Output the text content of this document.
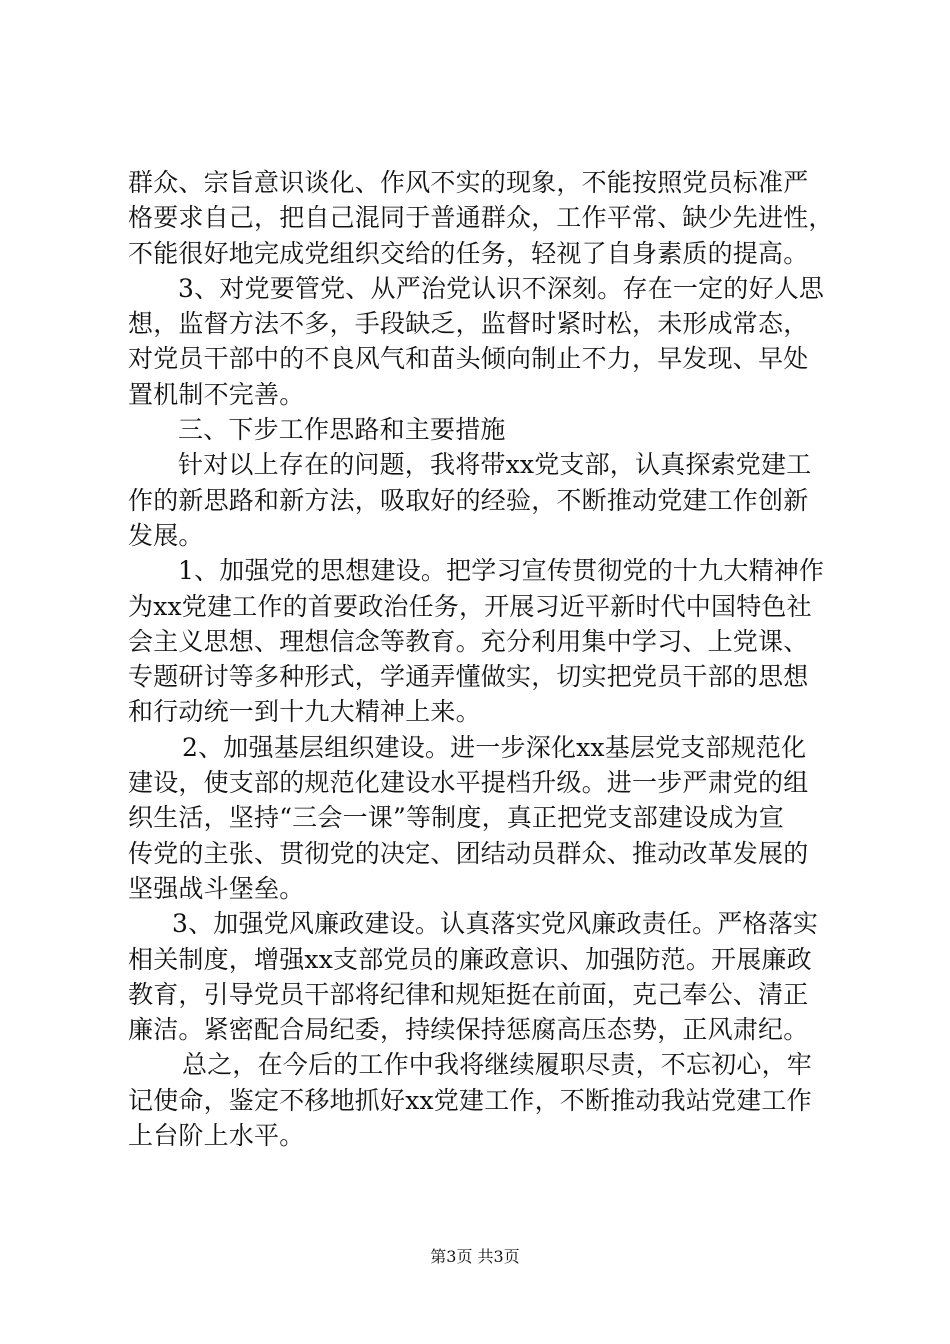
群众、宗旨意识谈化、作风不实的现象，不能按照党员标准严
格要求自己，把自己混同于普通群众，工作平常、缺少先进性，
不能很好地完成党组织交给的任务，轻视了自身素质的提高。
3、对党要管党、从严治党认识不深刻。存在一定的好人思
想，监督方法不多，手段缺乏，监督时紧时松，未形成常态，
对党员干部中的不良风气和苗头倾向制止不力，早发现、早处
置机制不完善。
三、下步工作思路和主要措施
针对以上存在的问题，我将带xx党支部，认真探索党建工
作的新思路和新方法，吸取好的经验，不断推动党建工作创新
发展。
1、加强党的思想建设。把学习宣传贯彻党的十九大精神作
为xx党建工作的首要政治任务，开展习近平新时代中国特色社
会主义思想、理想信念等教育。充分利用集中学习、上党课、
专题研讨等多种形式，学通弄懂做实，切实把党员干部的思想
和行动统一到十九大精神上来。
2、加强基层组织建设。进一步深化xx基层党支部规范化
建设，使支部的规范化建设水平提档升级。进一步严肃党的组
织生活，坚持“三会一课”等制度，真正把党支部建设成为宣
传党的主张、贯彻党的决定、团结动员群众、推动改革发展的
坚强战斗堡垒。
3、加强党风廉政建设。认真落实党风廉政责任。严格落实
相关制度，增强xx支部党员的廉政意识、加强防范。开展廉政
教育，引导党员干部将纪律和规矩挺在前面，克己奉公、清正
廉洁。紧密配合局纪委，持续保持惩腐高压态势，正风肃纪。
总之，在今后的工作中我将继续履职尽责，不忘初心，牢
记使命，鉴定不移地抓好xx党建工作，不断推动我站党建工作
上台阶上水平。
第3页 共3页
